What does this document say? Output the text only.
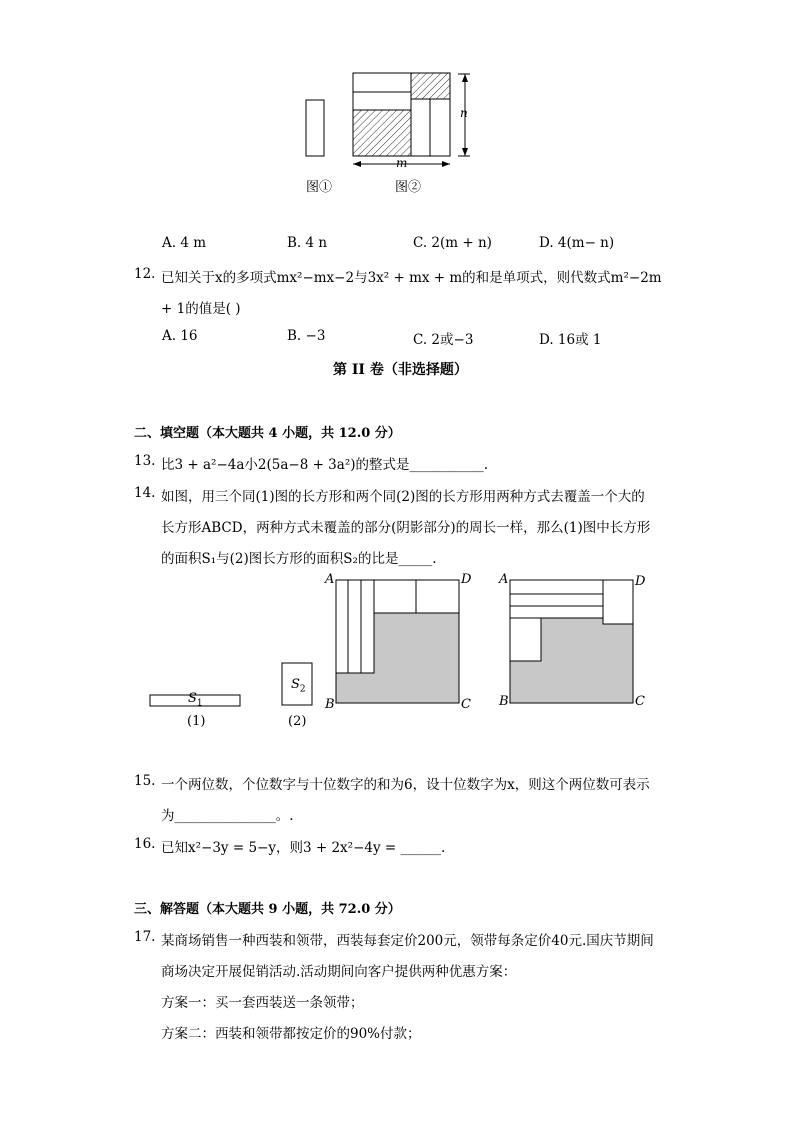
n
m
图①	图②
A. 4 m	B. 4 n	C. 2(m + n)	D. 4(m− n)
12. 已知关于x的多项式mx²−mx−2与3x² + mx + m的和是单项式，则代数式m²−2m
+ 1的值是( )
A. 16	B. −3	C. 2或−3	D. 16或 1
第 II 卷（非选择题）
二、填空题（本大题共 4 小题，共 12.0 分）
13. 比3 + a²−4a小2(5a−8 + 3a²)的整式是___________.
14. 如图，用三个同(1)图的长方形和两个同(2)图的长方形用两种方式去覆盖一个大的
长方形ABCD，两种方式未覆盖的部分(阴影部分)的周长一样，那么(1)图中长方形
的面积S₁与(2)图长方形的面积S₂的比是_____.
$S_1$
$S_2$
(1)	(2)
A	D
B	C
A	D
B	C
15. 一个两位数，个位数字与十位数字的和为6，设十位数字为x，则这个两位数可表示
为_______________。.
16. 已知x²−3y = 5−y，则3 + 2x²−4y = ______.
三、解答题（本大题共 9 小题，共 72.0 分）
17. 某商场销售一种西装和领带，西装每套定价200元，领带每条定价40元.国庆节期间
商场决定开展促销活动.活动期间向客户提供两种优惠方案：
方案一：买一套西装送一条领带；
方案二：西装和领带都按定价的90%付款；
